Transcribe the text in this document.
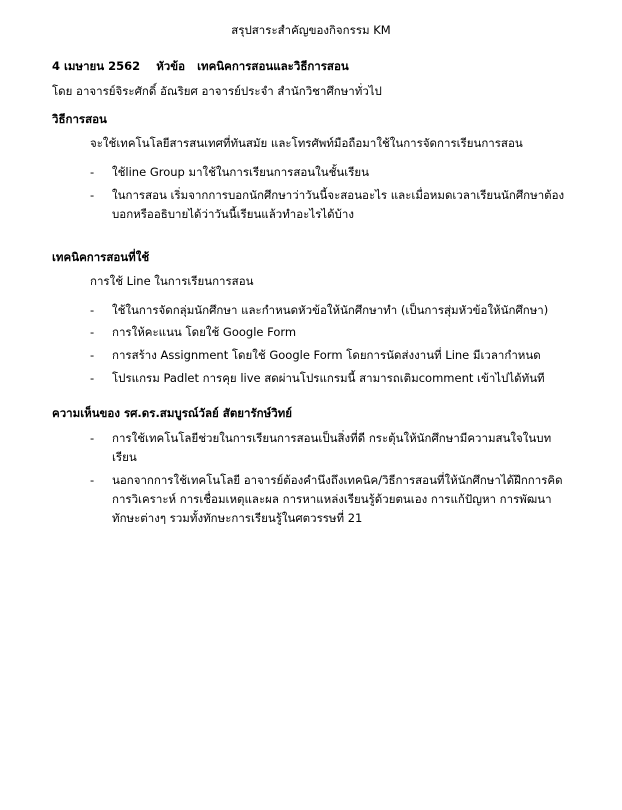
สรุปสาระสำคัญของกิจกรรม KM
4 เมษายน 2562 หัวข้อ เทคนิคการสอนและวิธีการสอน
โดย อาจารย์จิระศักดิ์ อัณริยศ อาจารย์ประจำ สำนักวิชาศึกษาทั่วไป
วิธีการสอน
จะใช้เทคโนโลยีสารสนเทศที่ทันสมัย และโทรศัพท์มือถือมาใช้ในการจัดการเรียนการสอน
- ใช้line Group มาใช้ในการเรียนการสอนในชั้นเรียน
- ในการสอน เริ่มจากการบอกนักศึกษาว่าวันนี้จะสอนอะไร และเมื่อหมดเวลาเรียนนักศึกษาต้องบอกหรืออธิบายได้ว่าวันนี้เรียนแล้วทำอะไรได้บ้าง
เทคนิคการสอนที่ใช้
การใช้ Line ในการเรียนการสอน
- ใช้ในการจัดกลุ่มนักศึกษา และกำหนดหัวข้อให้นักศึกษาทำ (เป็นการสุ่มหัวข้อให้นักศึกษา)
- การให้คะแนน โดยใช้ Google Form
- การสร้าง Assignment โดยใช้ Google Form โดยการนัดส่งงานที่ Line มีเวลากำหนด
- โปรแกรม Padlet การคุย live สดผ่านโปรแกรมนี้ สามารถเติมcomment เข้าไปได้ทันที
ความเห็นของ รศ.ดร.สมบูรณ์วัลย์ สัตยารักษ์วิทย์
- การใช้เทคโนโลยีช่วยในการเรียนการสอนเป็นสิ่งที่ดี กระตุ้นให้นักศึกษามีความสนใจในบทเรียน
- นอกจากการใช้เทคโนโลยี อาจารย์ต้องคำนึงถึงเทคนิค/วิธีการสอนที่ให้นักศึกษาได้ฝึกการคิด การวิเคราะห์ การเชื่อมเหตุและผล การหาแหล่งเรียนรู้ด้วยตนเอง การแก้ปัญหา การพัฒนาทักษะต่างๆ รวมทั้งทักษะการเรียนรู้ในศตวรรษที่ 21
